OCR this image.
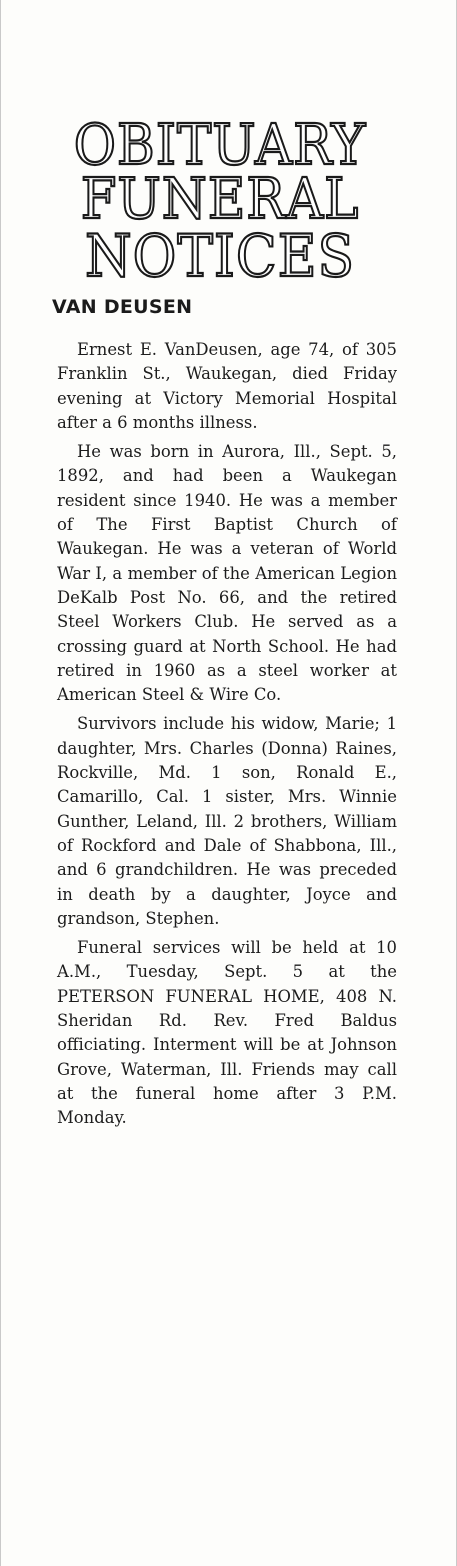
OBITUARY
FUNERAL
NOTICES
VAN DEUSEN

Ernest E. VanDeusen, age 74, of 305 Franklin St., Waukegan, died Friday evening at Victory Memorial Hospital after a 6 months illness.

He was born in Aurora, Ill., Sept. 5, 1892, and had been a Waukegan resident since 1940. He was a member of The First Baptist Church of Waukegan. He was a veteran of World War I, a member of the American Legion DeKalb Post No. 66, and the retired Steel Workers Club. He served as a crossing guard at North School. He had retired in 1960 as a steel worker at American Steel & Wire Co.

Survivors include his widow, Marie; 1 daughter, Mrs. Charles (Donna) Raines, Rockville, Md. 1 son, Ronald E., Camarillo, Cal. 1 sister, Mrs. Winnie Gunther, Leland, Ill. 2 brothers, William of Rockford and Dale of Shabbona, Ill., and 6 grandchildren. He was preceded in death by a daughter, Joyce and grandson, Stephen.

Funeral services will be held at 10 A.M., Tuesday, Sept. 5 at the PETERSON FUNERAL HOME, 408 N. Sheridan Rd. Rev. Fred Baldus officiating. Interment will be at Johnson Grove, Waterman, Ill. Friends may call at the funeral home after 3 P.M. Monday.
